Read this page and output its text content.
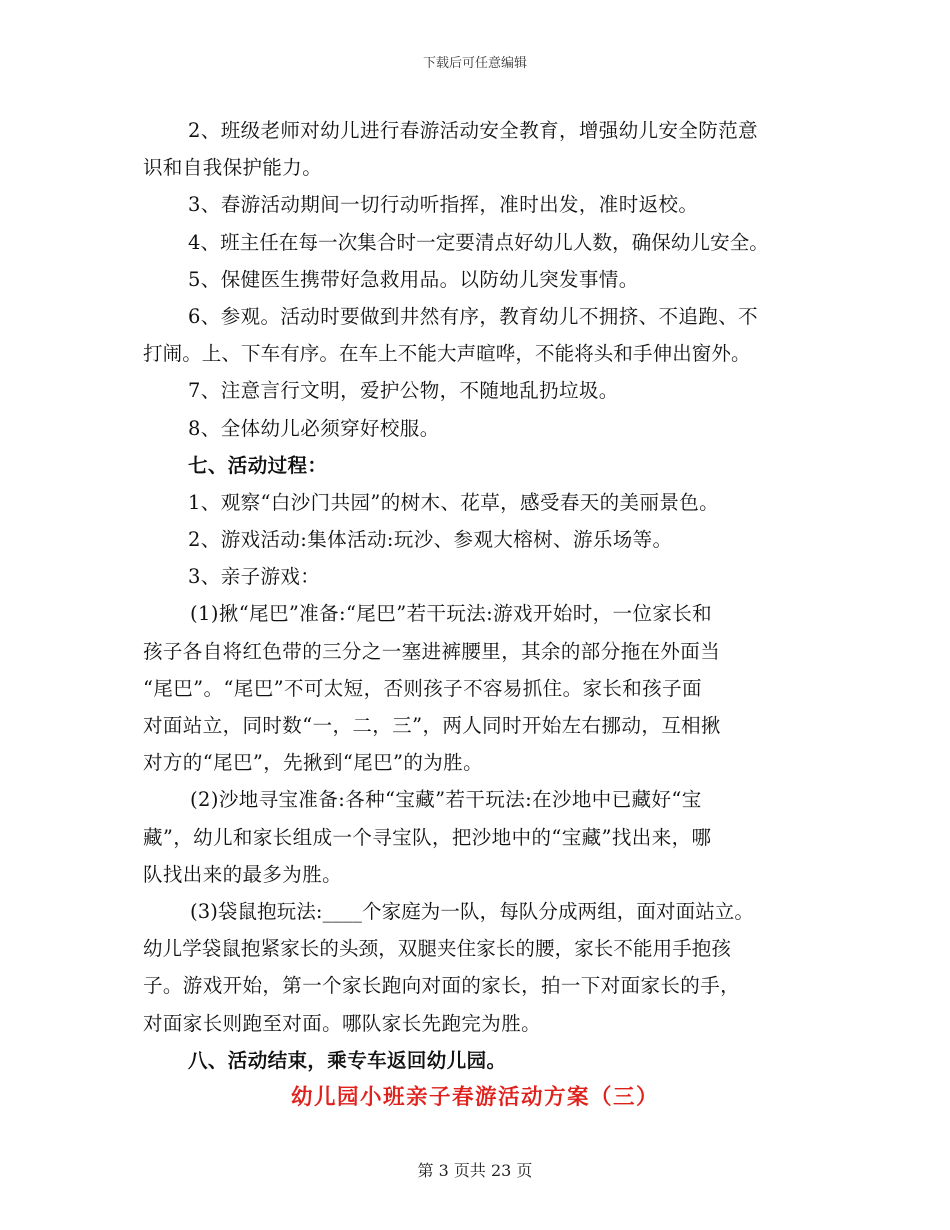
下载后可任意编辑
2、班级老师对幼儿进行春游活动安全教育，增强幼儿安全防范意
识和自我保护能力。
3、春游活动期间一切行动听指挥，准时出发，准时返校。
4、班主任在每一次集合时一定要清点好幼儿人数，确保幼儿安全。
5、保健医生携带好急救用品。以防幼儿突发事情。
6、参观。活动时要做到井然有序，教育幼儿不拥挤、不追跑、不
打闹。上、下车有序。在车上不能大声暄哗，不能将头和手伸出窗外。
7、注意言行文明，爱护公物，不随地乱扔垃圾。
8、全体幼儿必须穿好校服。
七、活动过程：
1、观察“白沙门共园”的树木、花草，感受春天的美丽景色。
2、游戏活动:集体活动:玩沙、参观大榕树、游乐场等。
3、亲子游戏：
(1)揪“尾巴”准备:“尾巴”若干玩法:游戏开始时，一位家长和
孩子各自将红色带的三分之一塞进裤腰里，其余的部分拖在外面当
“尾巴”。“尾巴”不可太短，否则孩子不容易抓住。家长和孩子面
对面站立，同时数“一，二，三”，两人同时开始左右挪动，互相揪
对方的“尾巴”，先揪到“尾巴”的为胜。
(2)沙地寻宝准备:各种“宝藏”若干玩法:在沙地中已藏好“宝
藏”，幼儿和家长组成一个寻宝队，把沙地中的“宝藏”找出来，哪
队找出来的最多为胜。
(3)袋鼠抱玩法:____个家庭为一队，每队分成两组，面对面站立。
幼儿学袋鼠抱紧家长的头颈，双腿夹住家长的腰，家长不能用手抱孩
子。游戏开始，第一个家长跑向对面的家长，拍一下对面家长的手，
对面家长则跑至对面。哪队家长先跑完为胜。
八、活动结束，乘专车返回幼儿园。
幼儿园小班亲子春游活动方案（三）
第 3 页共 23 页
